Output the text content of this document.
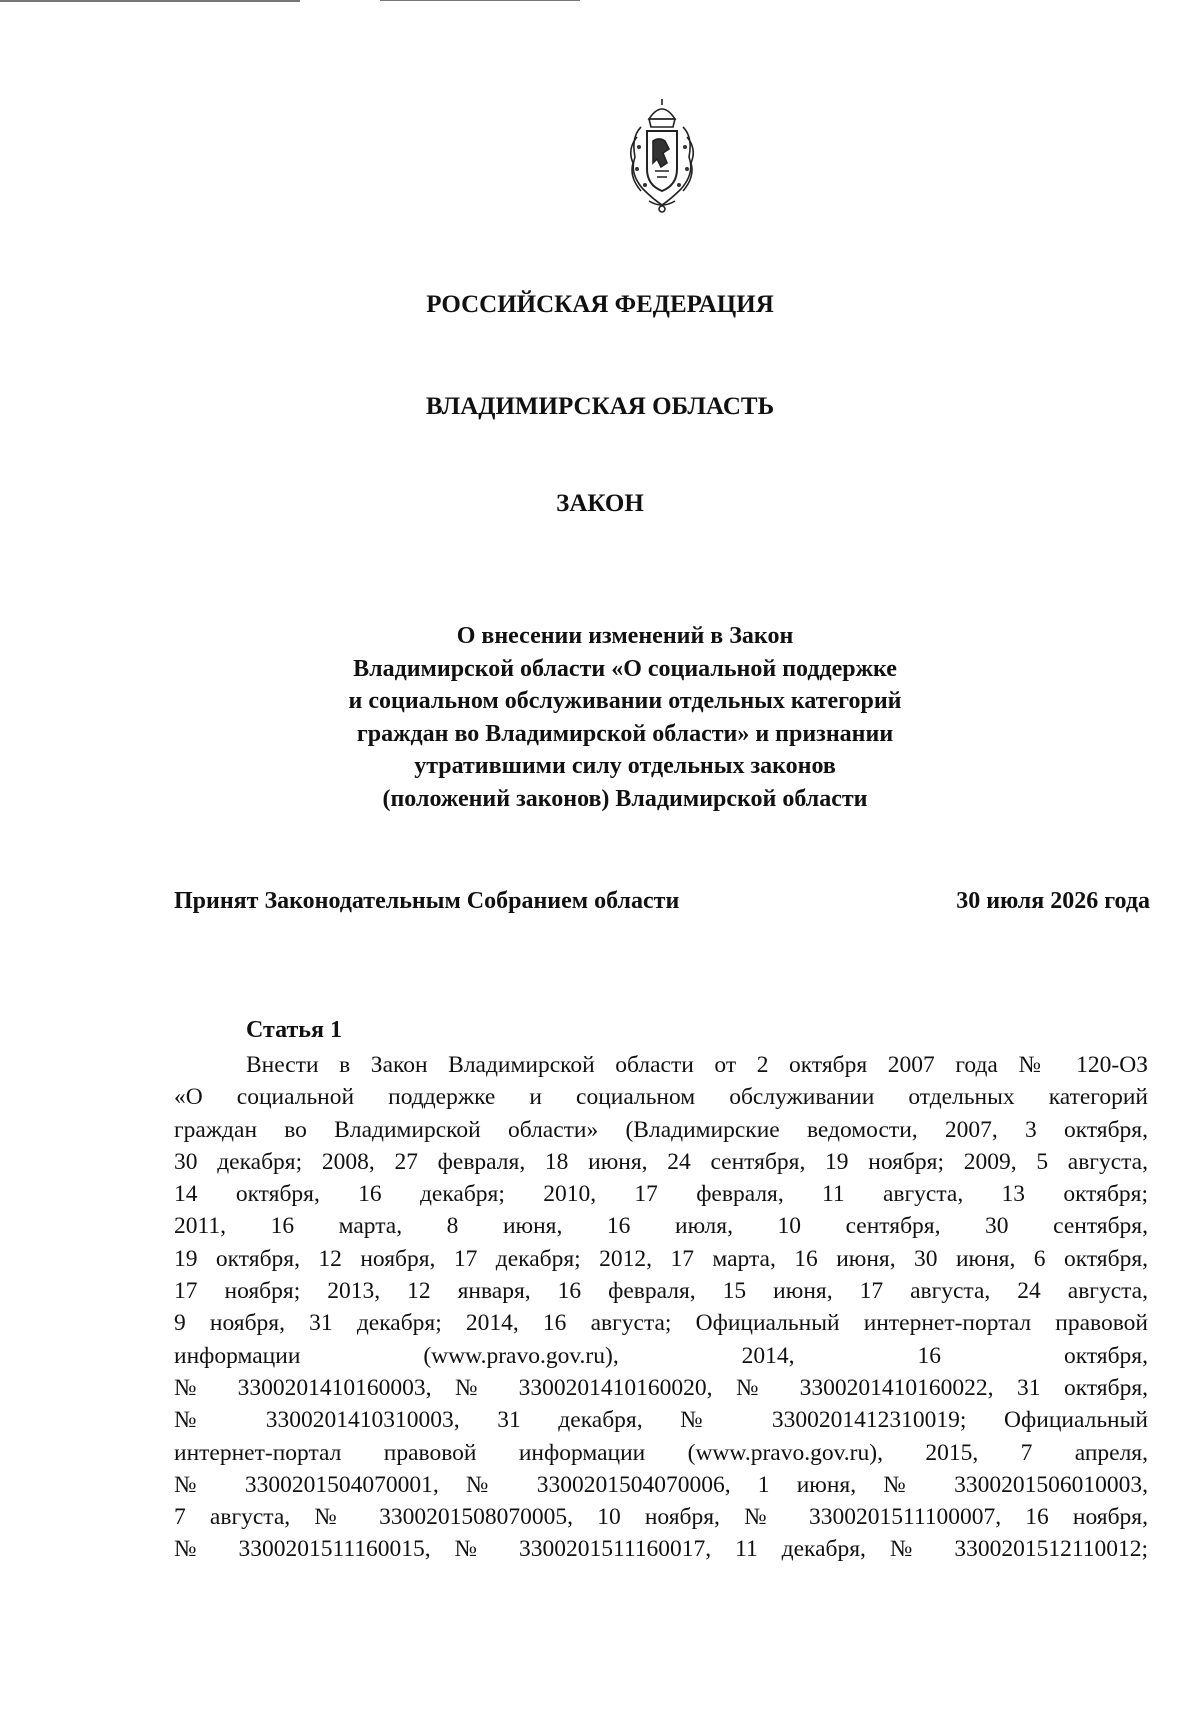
РОССИЙСКАЯ ФЕДЕРАЦИЯ
ВЛАДИМИРСКАЯ ОБЛАСТЬ
ЗАКОН
О внесении изменений в Закон
Владимирской области «О социальной поддержке
и социальном обслуживании отдельных категорий
граждан во Владимирской области» и признании
утратившими силу отдельных законов
(положений законов) Владимирской области
Принят Законодательным Собранием области	30 июля 2026 года
Статья 1
Внести в Закон Владимирской области от 2 октября 2007 года № 120-ОЗ
«О социальной поддержке и социальном обслуживании отдельных категорий
граждан во Владимирской области» (Владимирские ведомости, 2007, 3 октября,
30 декабря; 2008, 27 февраля, 18 июня, 24 сентября, 19 ноября; 2009, 5 августа,
14 октября, 16 декабря; 2010, 17 февраля, 11 августа, 13 октября;
2011, 16 марта, 8 июня, 16 июля, 10 сентября, 30 сентября,
19 октября, 12 ноября, 17 декабря; 2012, 17 марта, 16 июня, 30 июня, 6 октября,
17 ноября; 2013, 12 января, 16 февраля, 15 июня, 17 августа, 24 августа,
9 ноября, 31 декабря; 2014, 16 августа; Официальный интернет-портал правовой
информации (www.pravo.gov.ru), 2014, 16 октября,
№ 3300201410160003, № 3300201410160020, № 3300201410160022, 31 октября,
№ 3300201410310003, 31 декабря, № 3300201412310019; Официальный
интернет-портал правовой информации (www.pravo.gov.ru), 2015, 7 апреля,
№ 3300201504070001, № 3300201504070006, 1 июня, № 3300201506010003,
7 августа, № 3300201508070005, 10 ноября, № 3300201511100007, 16 ноября,
№ 3300201511160015, № 3300201511160017, 11 декабря, № 3300201512110012;
